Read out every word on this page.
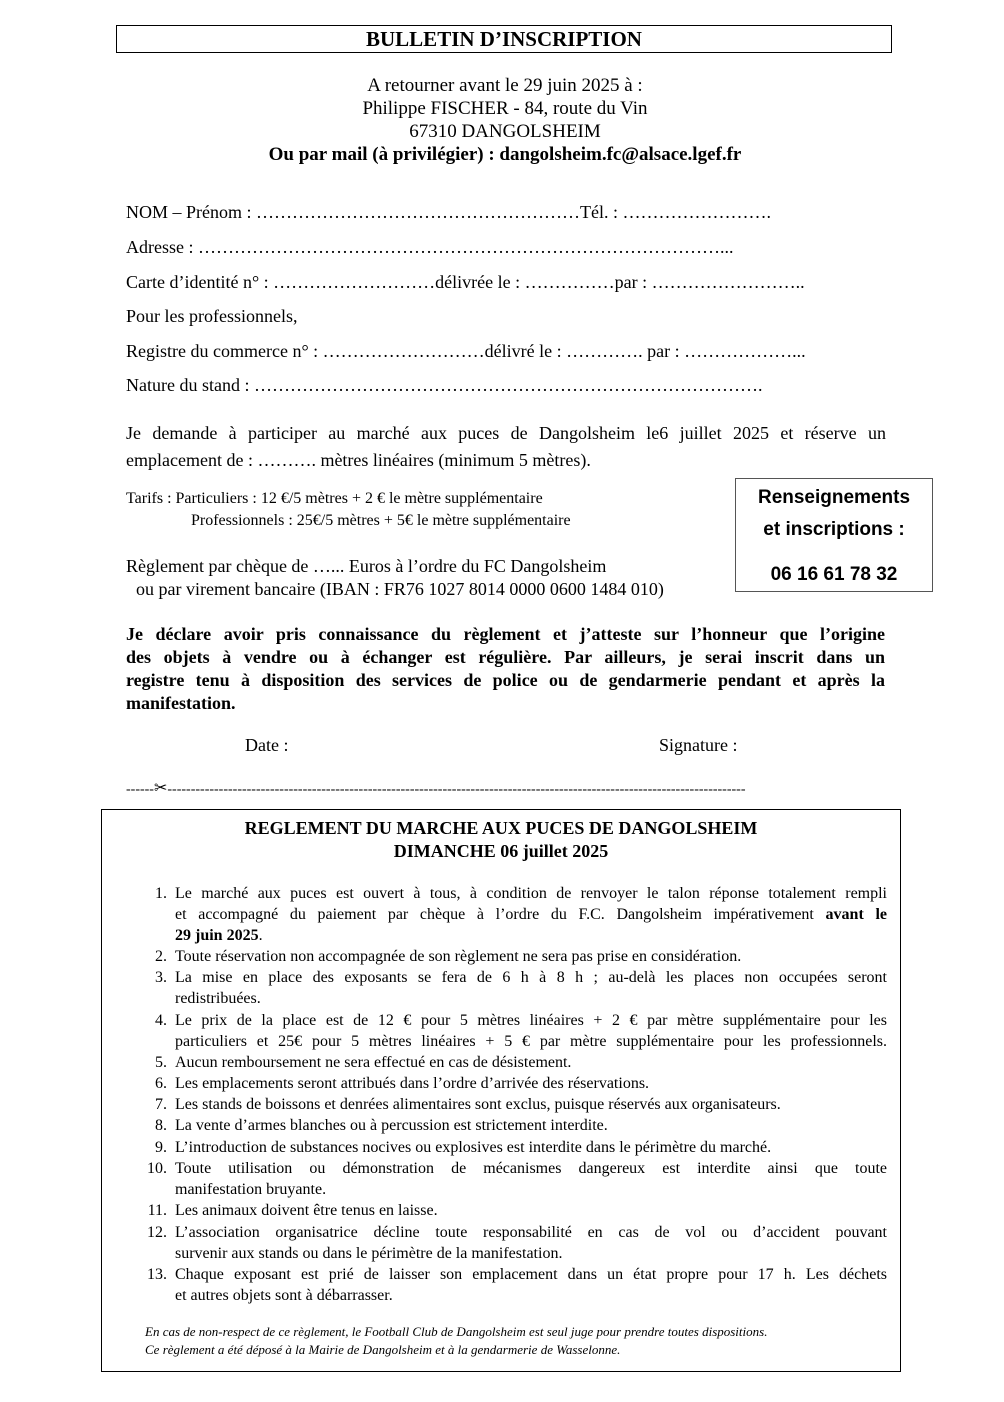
BULLETIN D’INSCRIPTION
A retourner avant le 29 juin 2025 à :
Philippe FISCHER - 84, route du Vin
67310 DANGOLSHEIM
Ou par mail (à privilégier) : dangolsheim.fc@alsace.lgef.fr
NOM – Prénom : ………………………………………………Tél. : …………………….
Adresse : ……………………………………………………………………………...
Carte d’identité n° : ………………………délivrée le : ……………par : ……………………..
Pour les professionnels,
Registre du commerce n° : ………………………délivré le : …………. par : ………………...
Nature du stand : ………………………………………………………………………….
Je demande à participer au marché aux puces de Dangolsheim le6 juillet 2025 et réserve un
emplacement de : ………. mètres linéaires (minimum 5 mètres).
Tarifs : Particuliers : 12 €/5 mètres + 2 € le mètre supplémentaire
Professionnels : 25€/5 mètres + 5€ le mètre supplémentaire
Règlement par chèque de …... Euros à l’ordre du FC Dangolsheim
ou par virement bancaire (IBAN : FR76 1027 8014 0000 0600 1484 010)
Renseignements
et inscriptions :
06 16 61 78 32
Je déclare avoir pris connaissance du règlement et j’atteste sur l’honneur que l’origine
des objets à vendre ou à échanger est régulière. Par ailleurs, je serai inscrit dans un
registre tenu à disposition des services de police ou de gendarmerie pendant et après la
manifestation.
Date :	Signature :
------✂----------------------------------------------------------------------------------------------------------------------------
REGLEMENT DU MARCHE AUX PUCES DE DANGOLSHEIM
DIMANCHE 06 juillet 2025
1. Le marché aux puces est ouvert à tous, à condition de renvoyer le talon réponse totalement rempli
et accompagné du paiement par chèque à l’ordre du F.C. Dangolsheim impérativement avant le
29 juin 2025.
2. Toute réservation non accompagnée de son règlement ne sera pas prise en considération.
3. La mise en place des exposants se fera de 6 h à 8 h ; au-delà les places non occupées seront
redistribuées.
4. Le prix de la place est de 12 € pour 5 mètres linéaires + 2 € par mètre supplémentaire pour les
particuliers et 25€ pour 5 mètres linéaires + 5 € par mètre supplémentaire pour les professionnels.
5. Aucun remboursement ne sera effectué en cas de désistement.
6. Les emplacements seront attribués dans l’ordre d’arrivée des réservations.
7. Les stands de boissons et denrées alimentaires sont exclus, puisque réservés aux organisateurs.
8. La vente d’armes blanches ou à percussion est strictement interdite.
9. L’introduction de substances nocives ou explosives est interdite dans le périmètre du marché.
10. Toute utilisation ou démonstration de mécanismes dangereux est interdite ainsi que toute
manifestation bruyante.
11. Les animaux doivent être tenus en laisse.
12. L’association organisatrice décline toute responsabilité en cas de vol ou d’accident pouvant
survenir aux stands ou dans le périmètre de la manifestation.
13. Chaque exposant est prié de laisser son emplacement dans un état propre pour 17 h. Les déchets
et autres objets sont à débarrasser.
En cas de non-respect de ce règlement, le Football Club de Dangolsheim est seul juge pour prendre toutes dispositions.
Ce règlement a été déposé à la Mairie de Dangolsheim et à la gendarmerie de Wasselonne.
